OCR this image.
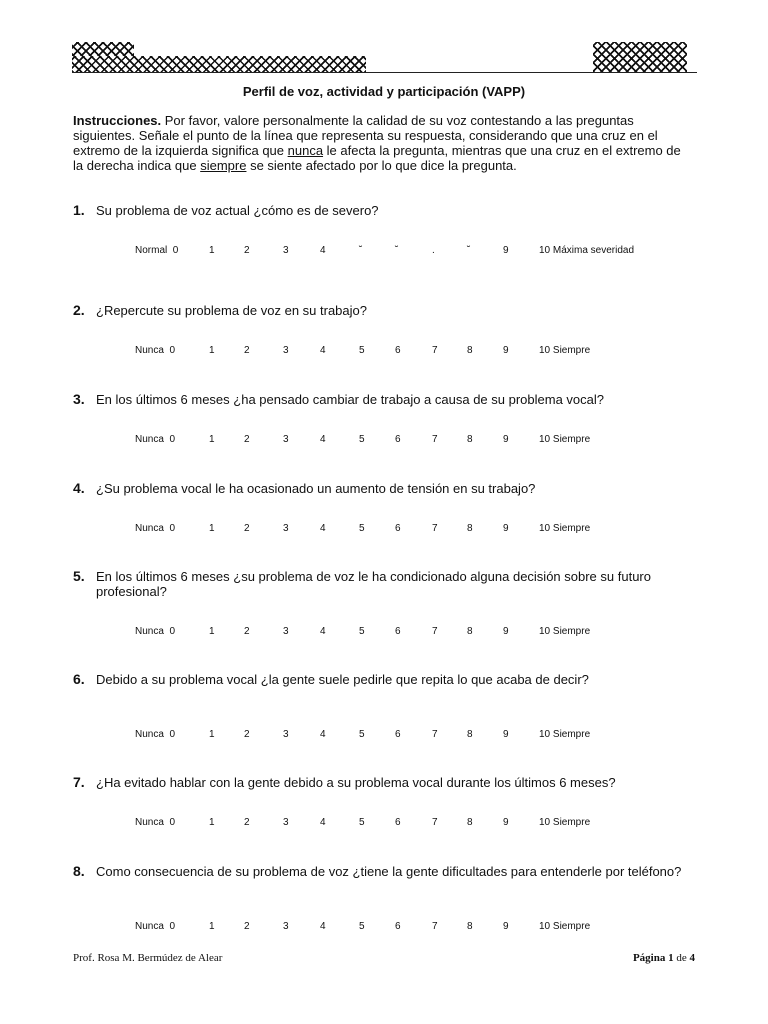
Perfil de voz, actividad y participación (VAPP)
Instrucciones. Por favor, valore personalmente la calidad de su voz contestando a las preguntas siguientes. Señale el punto de la línea que representa su respuesta, considerando que una cruz en el extremo de la izquierda significa que nunca le afecta la pregunta, mientras que una cruz en el extremo de la derecha indica que siempre se siente afectado por lo que dice la pregunta.
1. Su problema de voz actual ¿cómo es de severo?
Normal  0	1	2	3	4	˘	˘	.	˘	9	10 Máxima severidad
2. ¿Repercute su problema de voz en su trabajo?
Nunca  0	1	2	3	4	5	6	7	8	9	10 Siempre
3. En los últimos 6 meses ¿ha pensado cambiar de trabajo a causa de su problema vocal?
Nunca  0	1	2	3	4	5	6	7	8	9	10 Siempre
4. ¿Su problema vocal le ha ocasionado un aumento de tensión en su trabajo?
Nunca  0	1	2	3	4	5	6	7	8	9	10 Siempre
5. En los últimos 6 meses ¿su problema de voz le ha condicionado alguna decisión sobre su futuro profesional?
Nunca  0	1	2	3	4	5	6	7	8	9	10 Siempre
6. Debido a su problema vocal ¿la gente suele pedirle que repita lo que acaba de decir?
Nunca  0	1	2	3	4	5	6	7	8	9	10 Siempre
7. ¿Ha evitado hablar con la gente debido a su problema vocal durante los últimos 6 meses?
Nunca  0	1	2	3	4	5	6	7	8	9	10 Siempre
8. Como consecuencia de su problema de voz ¿tiene la gente dificultades para entenderle por teléfono?
Nunca  0	1	2	3	4	5	6	7	8	9	10 Siempre
Prof. Rosa M. Bermúdez de Alear	Página 1 de 4
